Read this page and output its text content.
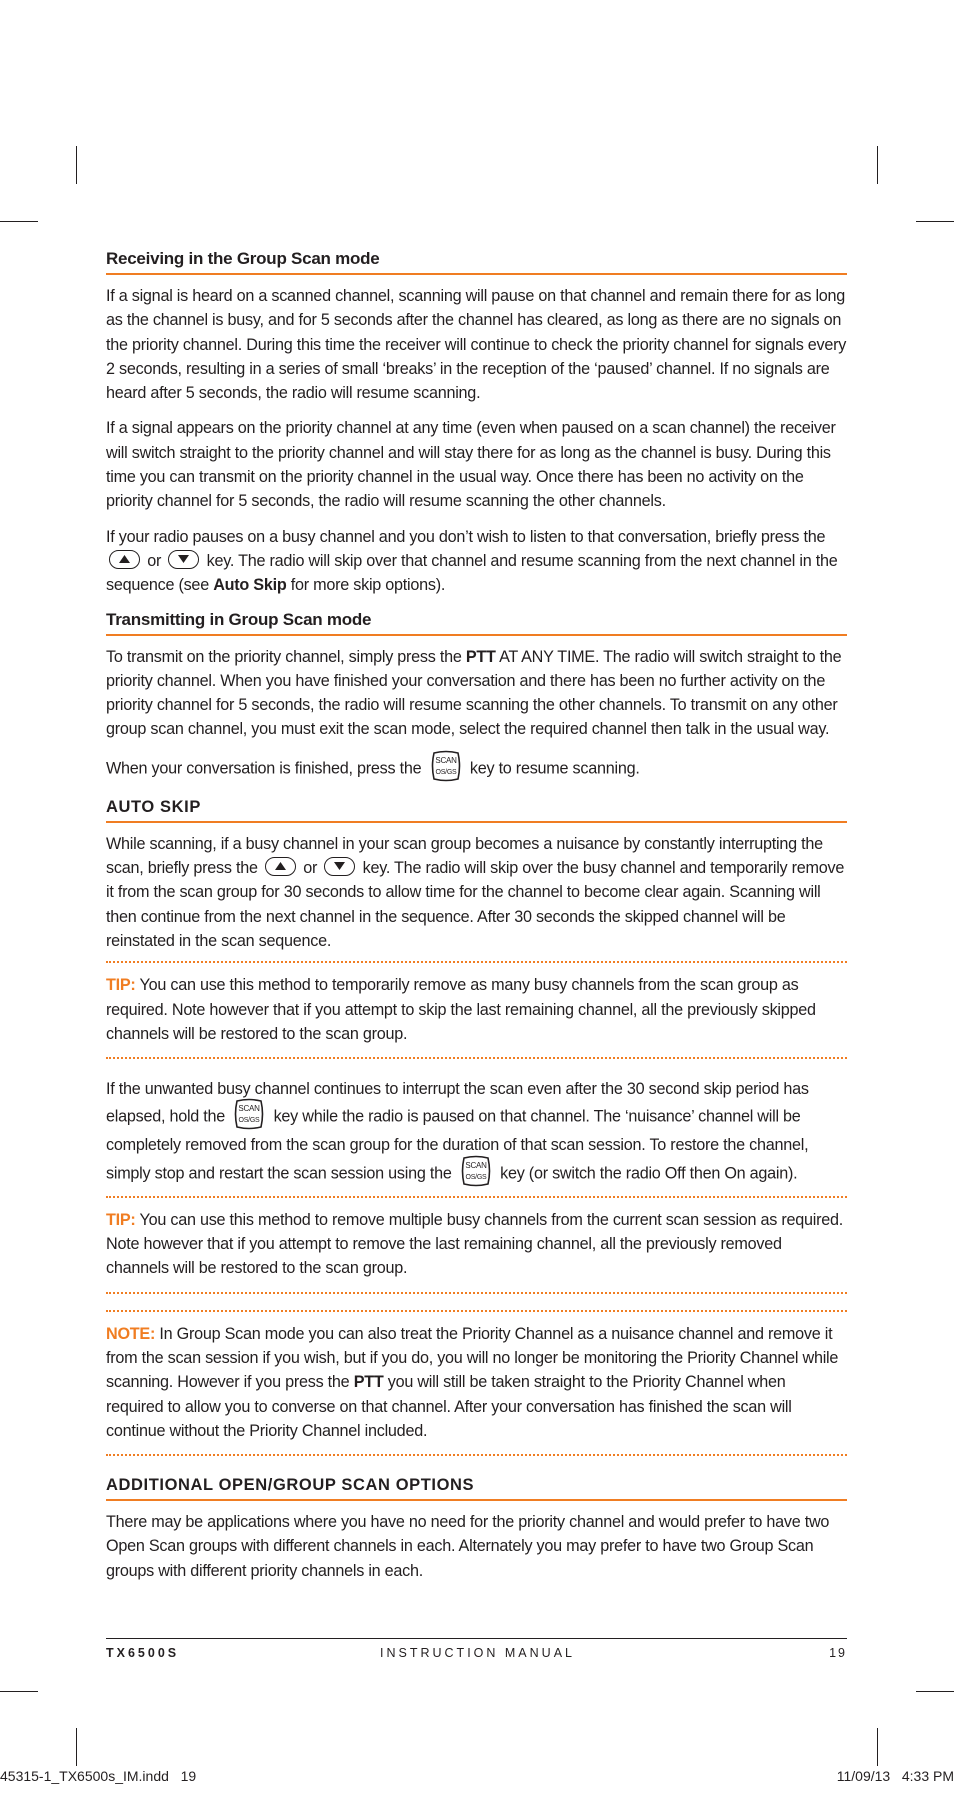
Receiving in the Group Scan mode

If a signal is heard on a scanned channel, scanning will pause on that channel and remain there for as long as the channel is busy, and for 5 seconds after the channel has cleared, as long as there are no signals on the priority channel. During this time the receiver will continue to check the priority channel for signals every 2 seconds, resulting in a series of small ‘breaks’ in the reception of the ‘paused’ channel. If no signals are heard after 5 seconds, the radio will resume scanning.

If a signal appears on the priority channel at any time (even when paused on a scan channel) the receiver will switch straight to the priority channel and will stay there for as long as the channel is busy. During this time you can transmit on the priority channel in the usual way. Once there has been no activity on the priority channel for 5 seconds, the radio will resume scanning the other channels.

If your radio pauses on a busy channel and you don’t wish to listen to that conversation, briefly press the
or	key. The radio will skip over that channel and resume scanning from the next channel in the sequence (see Auto Skip for more skip options).

Transmitting in Group Scan mode

To transmit on the priority channel, simply press the PTT AT ANY TIME. The radio will switch straight to the priority channel. When you have finished your conversation and there has been no further activity on the priority channel for 5 seconds, the radio will resume scanning the other channels. To transmit on any other group scan channel, you must exit the scan mode, select the required channel then talk in the usual way.

When your conversation is finished, press the SCAN
OS/GS key to resume scanning.

AUTO SKIP

While scanning, if a busy channel in your scan group becomes a nuisance by constantly interrupting the scan, briefly press the	or	key. The radio will skip over the busy channel and temporarily remove it from the scan group for 30 seconds to allow time for the channel to become clear again. Scanning will then continue from the next channel in the sequence. After 30 seconds the skipped channel will be reinstated in the scan sequence.

TIP: You can use this method to temporarily remove as many busy channels from the scan group as required. Note however that if you attempt to skip the last remaining channel, all the previously skipped channels will be restored to the scan group.

If the unwanted busy channel continues to interrupt the scan even after the 30 second skip period has elapsed, hold the SCAN
OS/GS key while the radio is paused on that channel. The ‘nuisance’ channel will be completely removed from the scan group for the duration of that scan session. To restore the channel, simply stop and restart the scan session using the SCAN
OS/GS key (or switch the radio Off then On again).

TIP: You can use this method to remove multiple busy channels from the current scan session as required. Note however that if you attempt to remove the last remaining channel, all the previously removed channels will be restored to the scan group.

NOTE: In Group Scan mode you can also treat the Priority Channel as a nuisance channel and remove it from the scan session if you wish, but if you do, you will no longer be monitoring the Priority Channel while scanning. However if you press the PTT you will still be taken straight to the Priority Channel when required to allow you to converse on that channel. After your conversation has finished the scan will continue without the Priority Channel included.

ADDITIONAL OPEN/GROUP SCAN OPTIONS

There may be applications where you have no need for the priority channel and would prefer to have two Open Scan groups with different channels in each. Alternately you may prefer to have two Group Scan groups with different priority channels in each.

TX6500S	INSTRUCTION MANUAL	19
45315-1_TX6500s_IM.indd   19	11/09/13   4:33 PM
